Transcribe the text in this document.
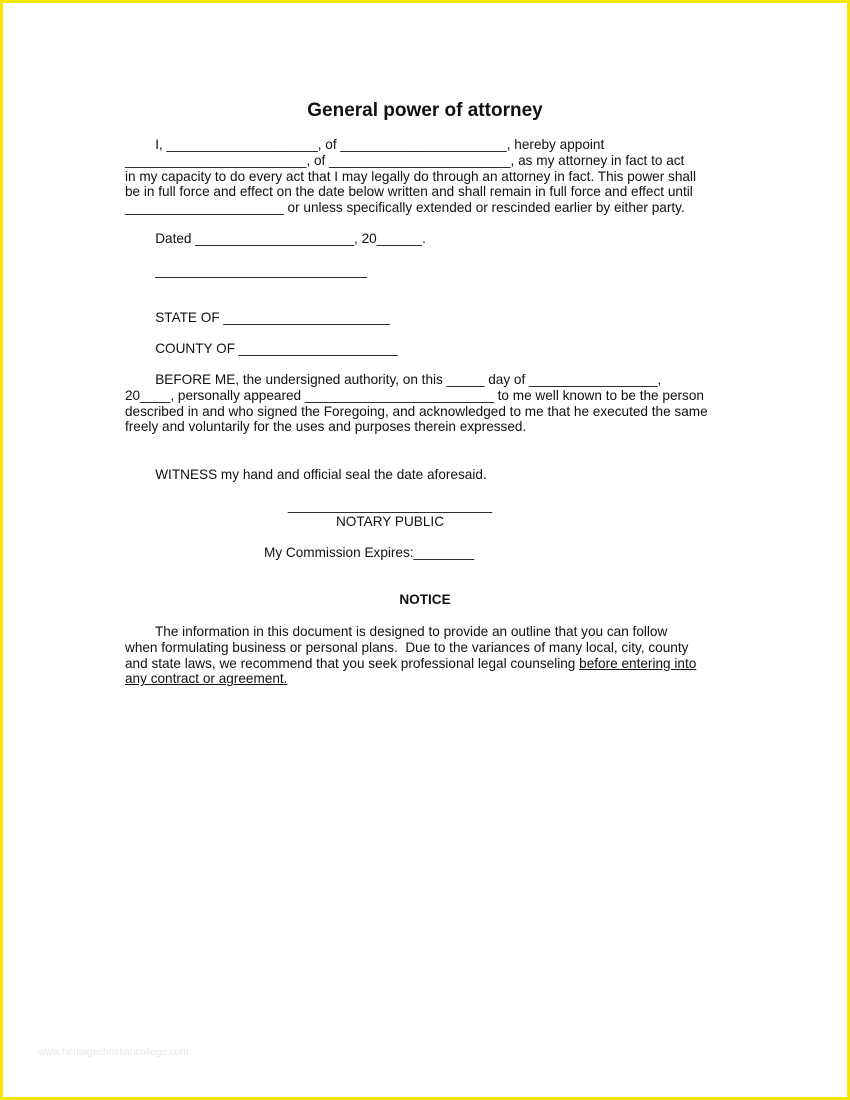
General power of attorney
I, ____________________, of ______________________, hereby appoint
________________________, of ________________________, as my attorney in fact to act
in my capacity to do every act that I may legally do through an attorney in fact. This power shall
be in full force and effect on the date below written and shall remain in full force and effect until
_____________________ or unless specifically extended or rescinded earlier by either party.
Dated _____________________, 20______.
____________________________
STATE OF ______________________
COUNTY OF _____________________
BEFORE ME, the undersigned authority, on this _____ day of _________________,
20____, personally appeared _________________________ to me well known to be the person
described in and who signed the Foregoing, and acknowledged to me that he executed the same
freely and voluntarily for the uses and purposes therein expressed.
WITNESS my hand and official seal the date aforesaid.
___________________________
NOTARY PUBLIC
My Commission Expires:________
NOTICE
The information in this document is designed to provide an outline that you can follow
when formulating business or personal plans.  Due to the variances of many local, city, county
and state laws, we recommend that you seek professional legal counseling before entering into
any contract or agreement.
www.heritagechristiancollege.com
